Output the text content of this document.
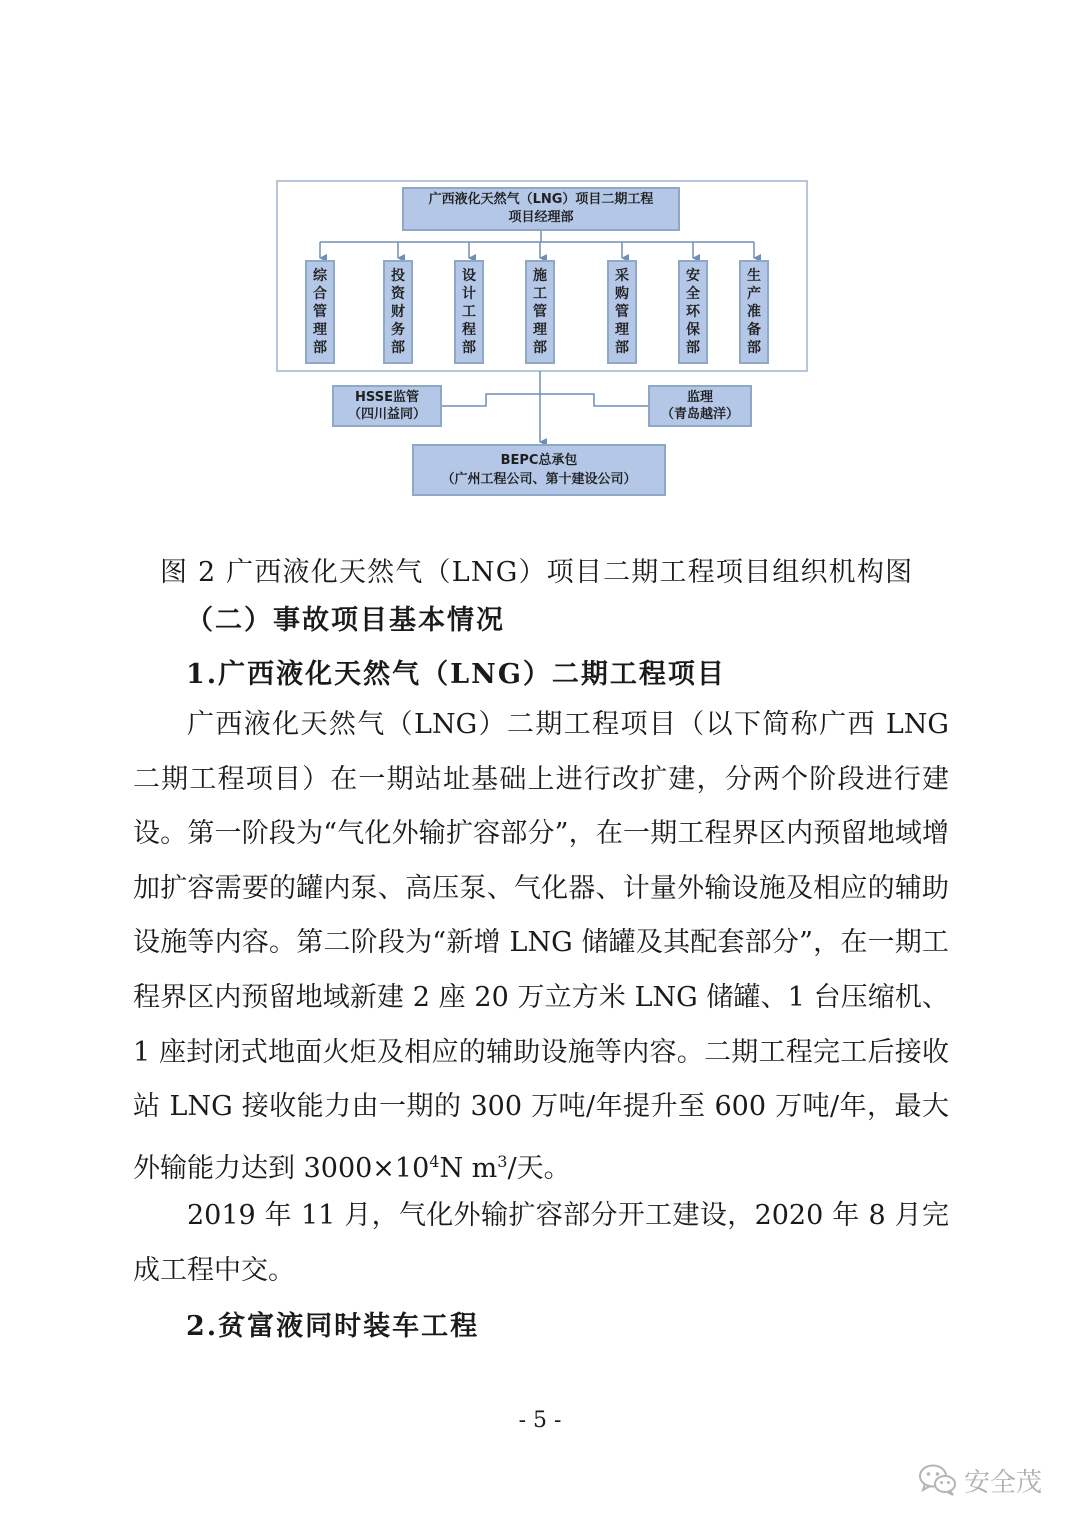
广西液化天然气（LNG）项目二期工程
项目经理部
综合管理部
投资财务部
设计工程部
施工管理部
采购管理部
安全环保部
生产准备部
HSSE监管
（四川益同）
监理
（青岛越洋）
BEPC总承包
（广州工程公司、第十建设公司）
图 2 广西液化天然气（LNG）项目二期工程项目组织机构图
（二）事故项目基本情况
1.广西液化天然气（LNG）二期工程项目

广西液化天然气（LNG）二期工程项目（以下简称广西 LNG 二期工程项目）在一期站址基础上进行改扩建，分两个阶段进行建设。第一阶段为“气化外输扩容部分”，在一期工程界区内预留地域增加扩容需要的罐内泵、高压泵、气化器、计量外输设施及相应的辅助设施等内容。第二阶段为“新增 LNG 储罐及其配套部分”，在一期工程界区内预留地域新建 2 座 20 万立方米 LNG 储罐、1 台压缩机、1 座封闭式地面火炬及相应的辅助设施等内容。二期工程完工后接收站 LNG 接收能力由一期的 300 万吨/年提升至 600 万吨/年，最大外输能力达到 $3000\times 10^4N$ $m^3/$天。

2019 年 11 月，气化外输扩容部分开工建设，2020 年 8 月完成工程中交。

2.贫富液同时装车工程
- 5 -
安全茂
